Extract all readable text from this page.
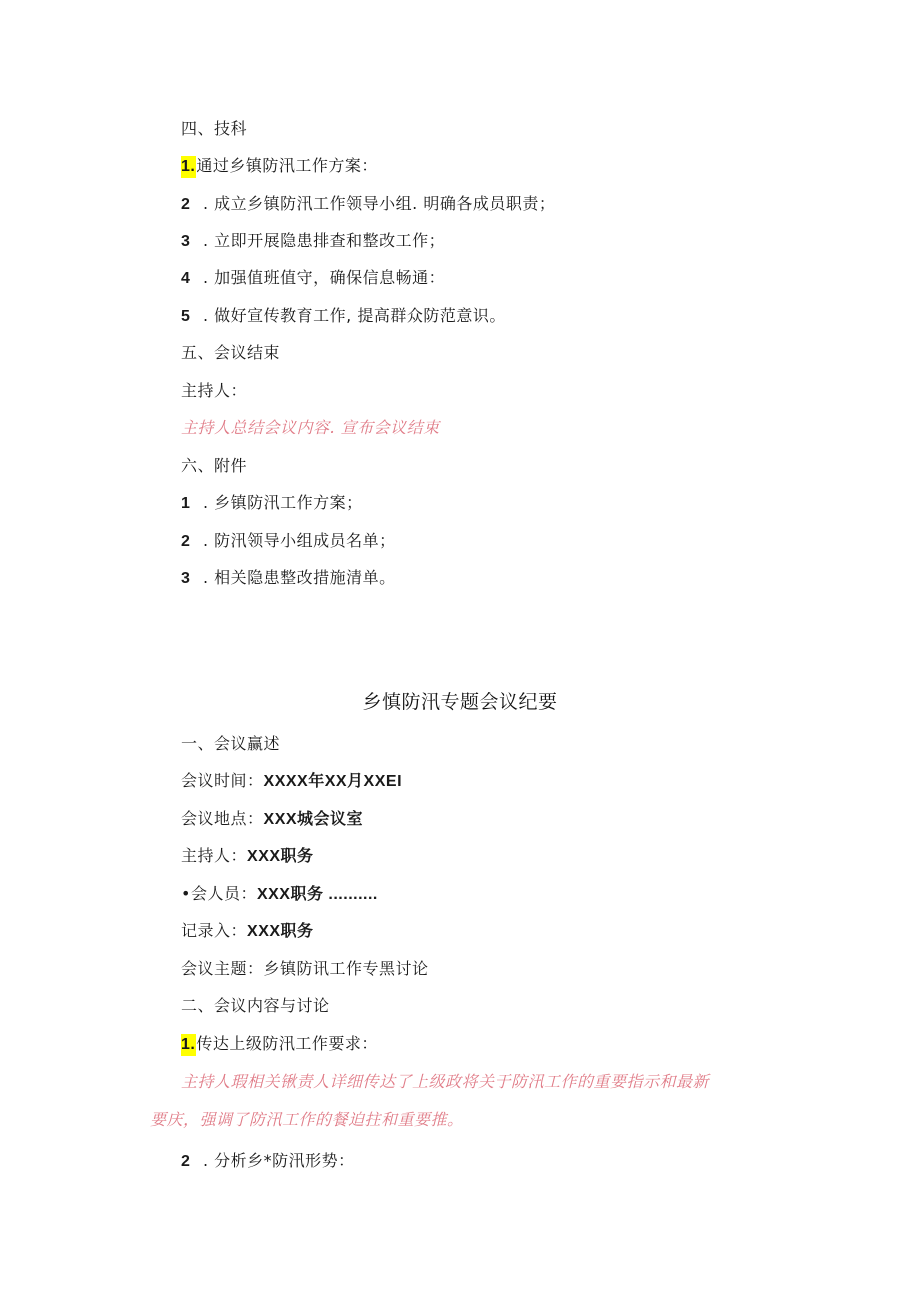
四、技科
1.通过乡镇防汛工作方案：
2 . 成立乡镇防汛工作领导小组. 明确各成员职责；
3 . 立即开展隐患排查和整改工作；
4 . 加强值班值守，确保信息畅通：
5 . 做好宣传教育工作, 提高群众防范意识。
五、会议结束
主持人：
主持人总结会议内容. 宣布会议结束
六、附件
1 . 乡镇防汛工作方案；
2 . 防汛领导小组成员名单；
3 . 相关隐患整改措施清单。
乡慎防汛专题会议纪要
一、会议赢述
会议时间：XXXX年XX月XXEI
会议地点：XXX城会议室
主持人：XXX职务
•会人员：XXX职务 ..........
记录入：XXX职务
会议主题：乡镇防讯工作专黑讨论
二、会议内容与讨论
1.传达上级防汛工作要求：
主持人瑕相关锹责人详细传达了上级政将关于防汛工作的重要指示和最新
要庆，强调了防汛工作的餐迫拄和重要推。
2 . 分析乡*防汛形势：
